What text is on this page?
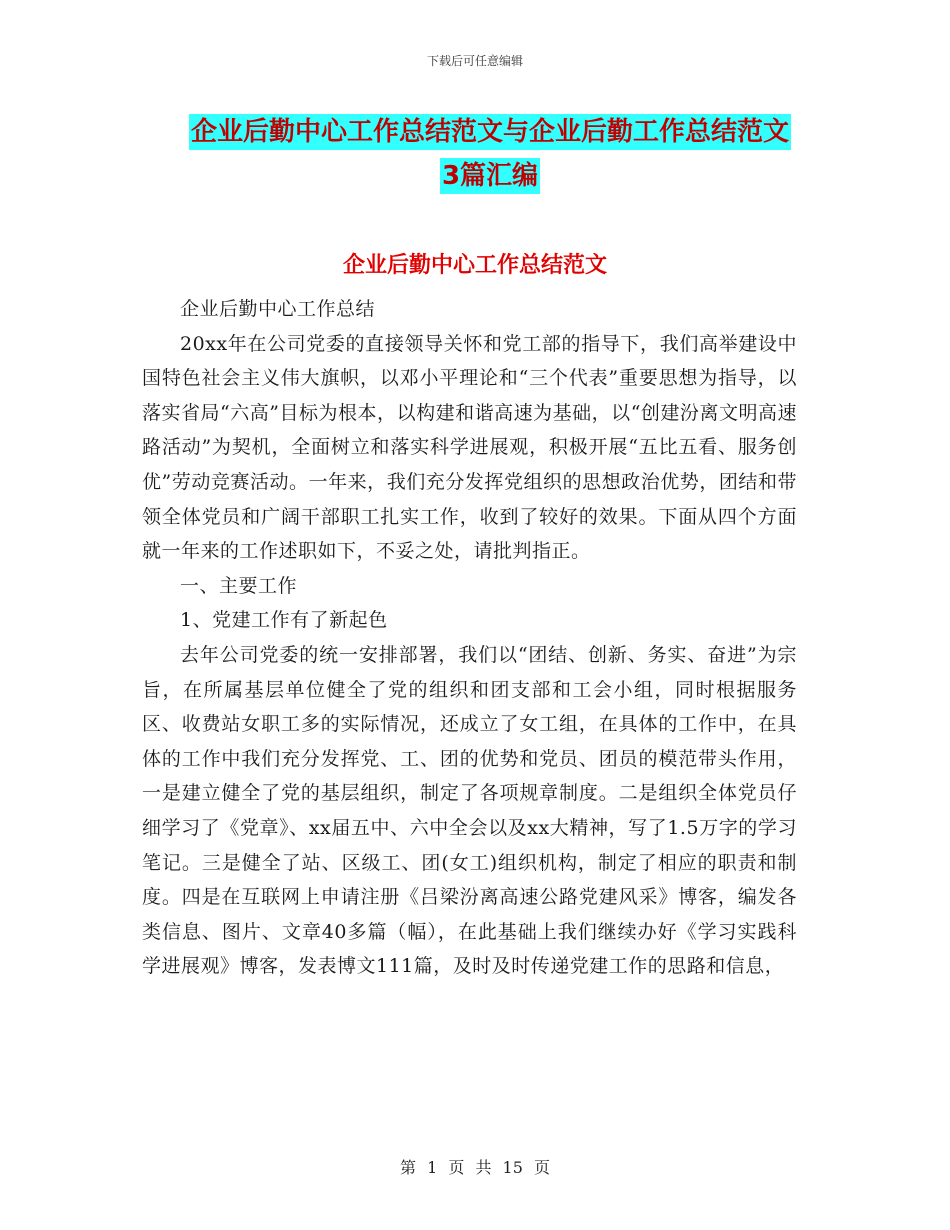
下载后可任意编辑
企业后勤中心工作总结范文与企业后勤工作总结范文
3篇汇编
企业后勤中心工作总结范文

企业后勤中心工作总结

20xx年在公司党委的直接领导关怀和党工部的指导下，我们高举建设中国特色社会主义伟大旗帜，以邓小平理论和“三个代表”重要思想为指导，以落实省局“六高”目标为根本，以构建和谐高速为基础，以“创建汾离文明高速路活动”为契机，全面树立和落实科学进展观，积极开展“五比五看、服务创优”劳动竞赛活动。一年来，我们充分发挥党组织的思想政治优势，团结和带领全体党员和广阔干部职工扎实工作，收到了较好的效果。下面从四个方面就一年来的工作述职如下，不妥之处，请批判指正。

一、主要工作

1、党建工作有了新起色

去年公司党委的统一安排部署，我们以“团结、创新、务实、奋进”为宗旨，在所属基层单位健全了党的组织和团支部和工会小组，同时根据服务区、收费站女职工多的实际情况，还成立了女工组，在具体的工作中，在具体的工作中我们充分发挥党、工、团的优势和党员、团员的模范带头作用，一是建立健全了党的基层组织，制定了各项规章制度。二是组织全体党员仔细学习了《党章》、xx届五中、六中全会以及xx大精神，写了1.5万字的学习笔记。三是健全了站、区级工、团(女工)组织机构，制定了相应的职责和制度。四是在互联网上申请注册《吕梁汾离高速公路党建风采》博客，编发各类信息、图片、文章40多篇（幅），在此基础上我们继续办好《学习实践科学进展观》博客，发表博文111篇，及时及时传递党建工作的思路和信息，

第 1 页 共 15 页
